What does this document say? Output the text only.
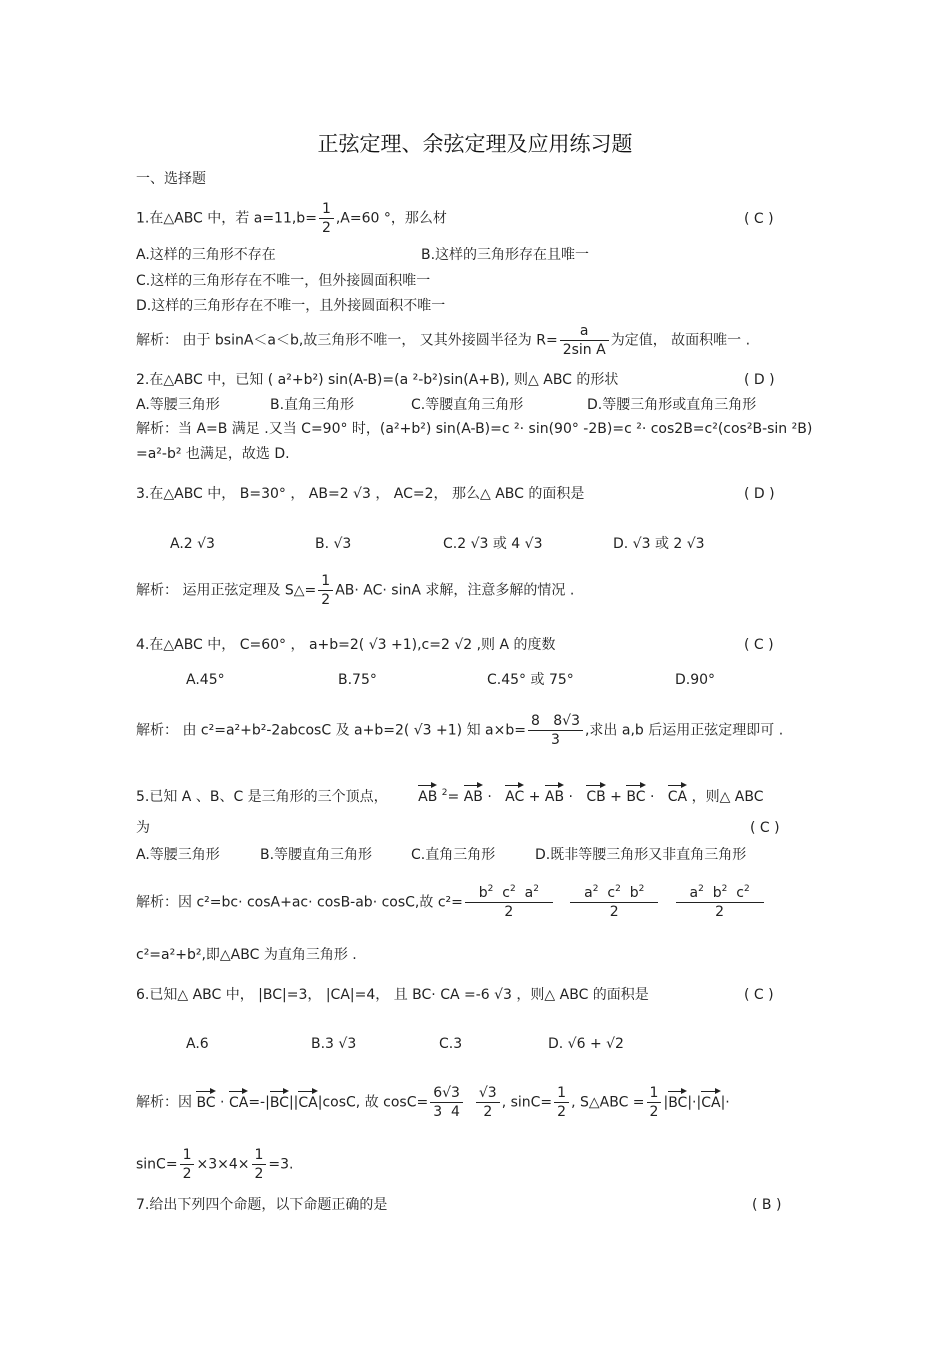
正弦定理、余弦定理及应用练习题
一、选择题
1.在△ABC 中，若 $a=11,b= \frac{1}{2} ,A=60$ °，那么材	( C )
A.这样的三角形不存在	B.这样的三角形存在且唯一
C.这样的三角形存在不唯一，但外接圆面积唯一
D.这样的三角形存在不唯一，且外接圆面积不唯一
解析： 由于 bsinA＜a＜b,故三角形不唯一， 又其外接圆半径为 $R= \frac{a}{\text{2sin A}}$ 为定值， 故面积唯一 .
2.在△ABC 中，已知 ( a²+b²) sin(A-B)=(a ²-b²)sin(A+B), 则△ ABC 的形状	( D )
A.等腰三角形	B.直角三角形	C.等腰直角三角形	D.等腰三角形或直角三角形
解析：当 A=B 满足 .又当 C=90° 时，(a²+b²) sin(A-B)=c ²· sin(90° -2B)=c ²· cos2B=c²(cos²B-sin ²B)
=a²-b² 也满足，故选 D.
3.在△ABC 中， B=30° ， AB=2 √3 ， AC=2， 那么△ ABC 的面积是	( D )
A.2 √3	B. √3	C.2 √3 或 4 √3	D. √3 或 2 √3
解析： 运用正弦定理及 S△= $\frac{1}{2} AB\cdot AC\cdot \sin A$ 求解，注意多解的情况 .
4.在△ABC 中， C=60° ， a+b=2( √3 +1),c=2 √2 ,则 A 的度数	( C )
A.45°	B.75°	C.45° 或 75°	D.90°
解析： 由 c²=a²+b²-2abcosC 及 a+b=2( √3 +1) 知 $a\times b= \frac{8 8√3}{3}$ ,求出 a,b 后运用正弦定理即可 .
5.已知 A 、B、C 是三角形的三个顶点， AB $^2$= AB ·   AC + AB ·   CB + BC ·   CA ，则△ ABC
为	( C )
A.等腰三角形	B.等腰直角三角形	C.直角三角形	D.既非等腰三角形又非直角三角形
解析：因 c²=bc· cosA+ac· cosB-ab· cosC,故 $c^2= \frac{b^2 c^2 a^2}{2}$
$\frac{a^2 c^2 b^2}{2}$
$\frac{a^2 b^2 c^2}{2}$
c²=a²+b²,即△ABC 为直角三角形 .
6.已知△ ABC 中， |BC|=3， |CA|=4， 且 BC· CA =-6 √3 ，则△ ABC 的面积是	( C )
A.6	B.3 √3	C.3	D. √6 + √2
解析：因 BC · CA=-|BC||CA|cosC, 故 $\cos C= \frac{6√3}{3 4}$
$\frac{√3}{2}$ , $\sin C= \frac{1}{2}$ , S△ABC = $\frac{1}{2} |BC|\cdot|CA|\cdot$
$\sin C= \frac{1}{2} \times 3\times 4\times \frac{1}{2} =3$.
7.给出下列四个命题，以下命题正确的是	( B )
